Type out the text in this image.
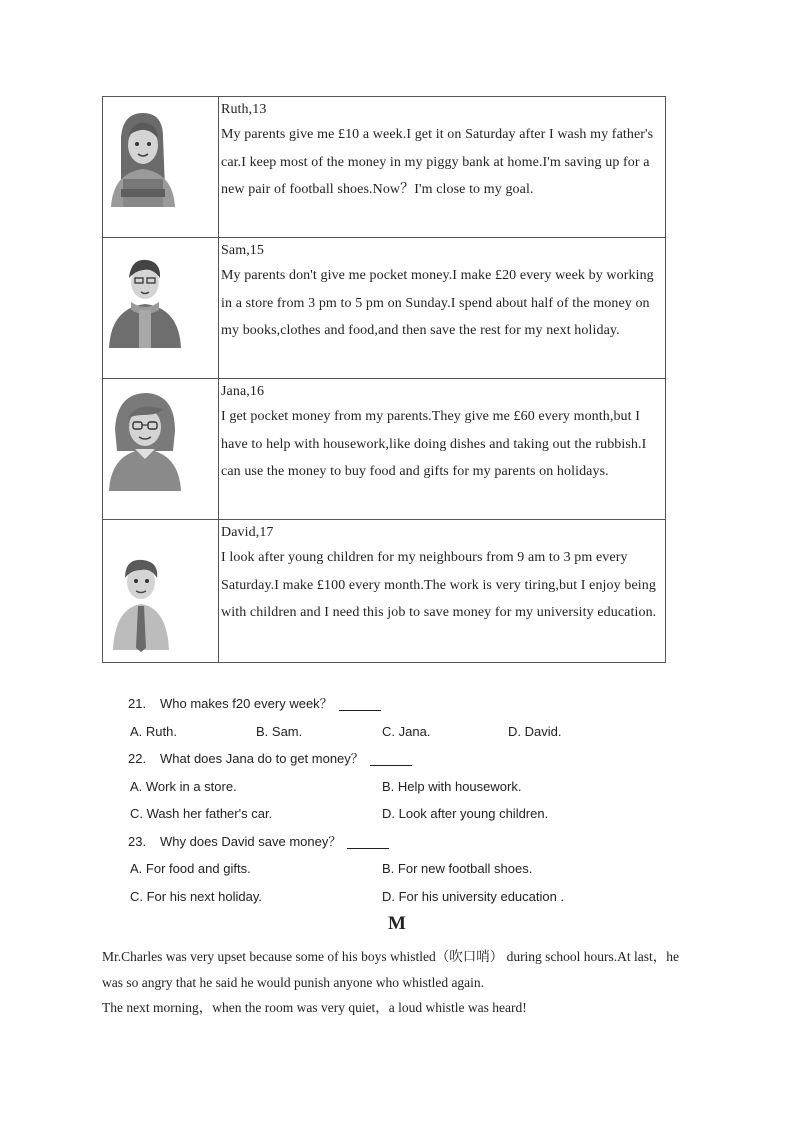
Ruth,13
My parents give me £10 a week.I get it on Saturday after I wash my father's car.I keep most of the money in my piggy bank at home.I'm saving up for a new pair of football shoes.Now？I'm close to my goal.

Sam,15
My parents don't give me pocket money.I make £20 every week by working in a store from 3 pm to 5 pm on Sunday.I spend about half of the money on my books,clothes and food,and then save the rest for my next holiday.

Jana,16
I get pocket money from my parents.They give me £60 every month,but I have to help with housework,like doing dishes and taking out the rubbish.I can use the money to buy food and gifts for my parents on holidays.

David,17
I look after young children for my neighbours from 9 am to 3 pm every Saturday.I make £100 every month.The work is very tiring,but I enjoy being with children and I need this job to save money for my university education.
21. Who makes f20 every week？
A. Ruth.	B. Sam.	C. Jana.	D. David.
22. What does Jana do to get money？
A. Work in a store.	B. Help with housework.
C. Wash her father's car.	D. Look after young children.
23. Why does David save money？
A. For food and gifts.	B. For new football shoes.
C. For his next holiday.	D. For his university education .
M

Mr.Charles was very upset because some of his boys whistled（吹口哨） during school hours.At last，he was so angry that he said he would punish anyone who whistled again.

The next morning，when the room was very quiet，a loud whistle was heard!
